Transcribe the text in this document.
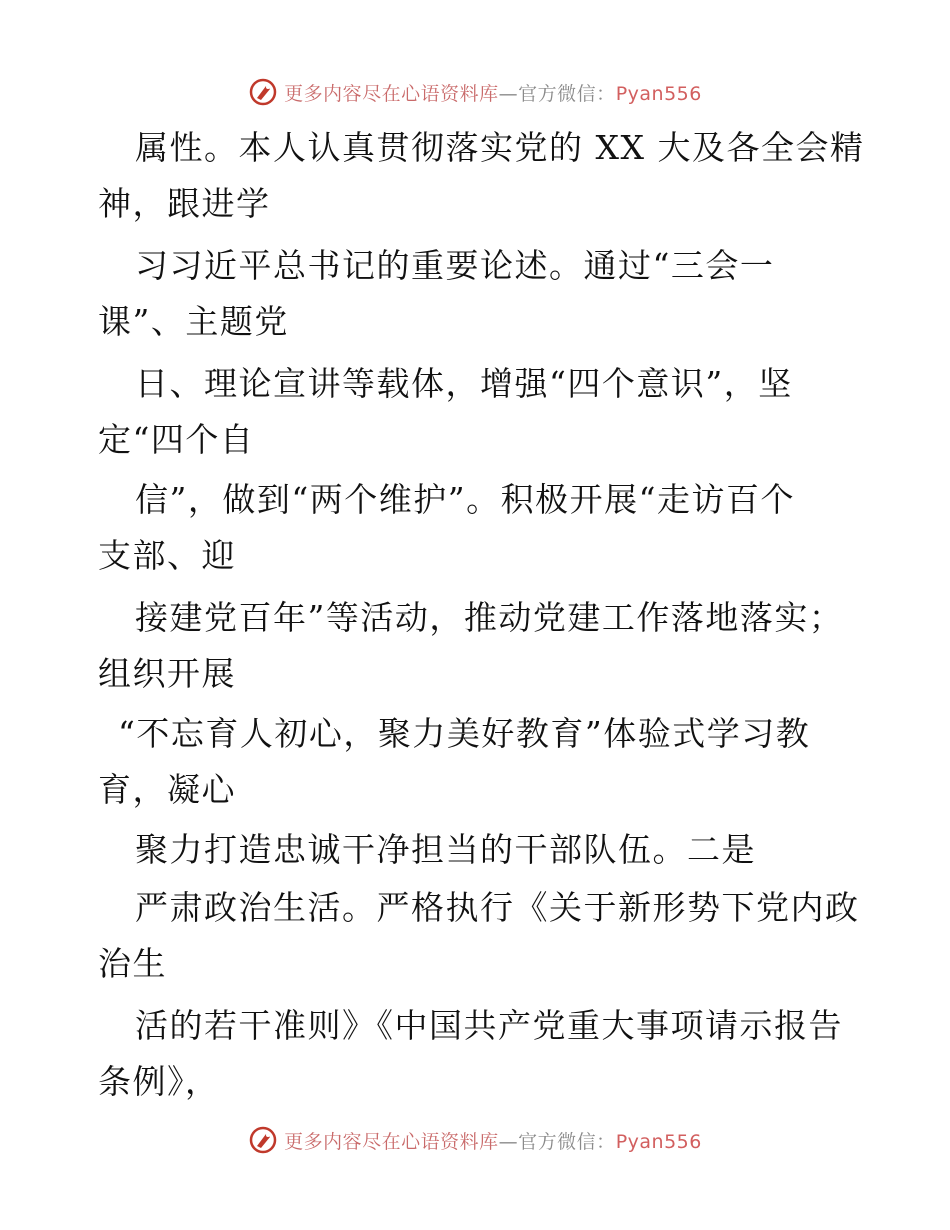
更多内容尽在心语资料库—官方微信：Pyan556
属性。本人认真贯彻落实党的 XX 大及各全会精
神，跟进学
习习近平总书记的重要论述。通过“三会一
课”、主题党
日、理论宣讲等载体，增强“四个意识”，坚
定“四个自
信”，做到“两个维护”。积极开展“走访百个
支部、迎
接建党百年”等活动，推动党建工作落地落实；
组织开展
“不忘育人初心，聚力美好教育”体验式学习教
育，凝心
聚力打造忠诚干净担当的干部队伍。二是
严肃政治生活。严格执行《关于新形势下党内政
治生
活的若干准则》《中国共产党重大事项请示报告
条例》，
更多内容尽在心语资料库—官方微信：Pyan556
